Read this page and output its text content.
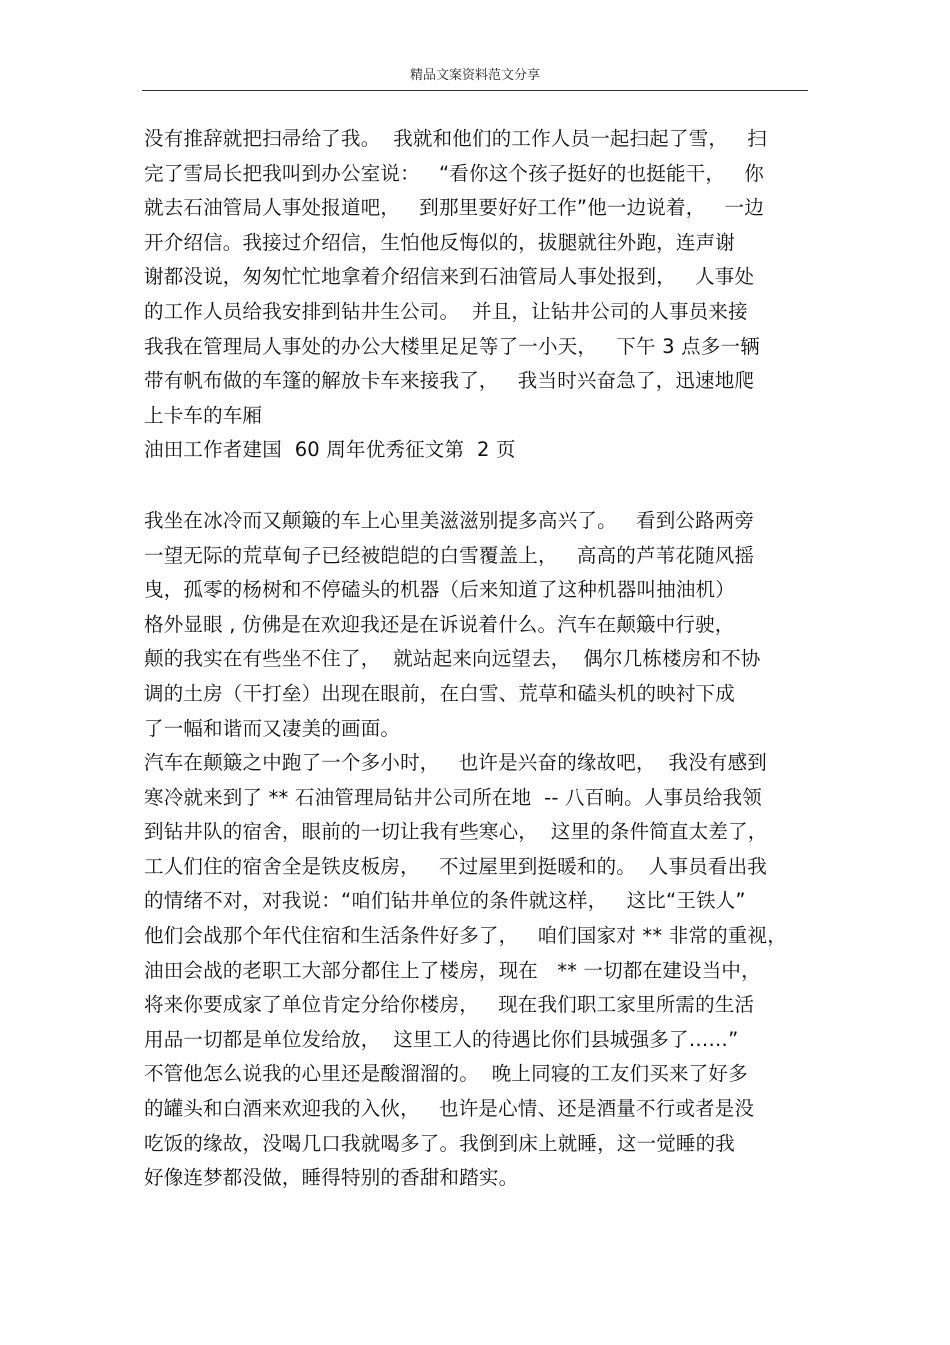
精品文案资料范文分享
没有推辞就把扫帚给了我。  我就和他们的工作人员一起扫起了雪，   扫
完了雪局长把我叫到办公室说：   “看你这个孩子挺好的也挺能干，   你
就去石油管局人事处报道吧，   到那里要好好工作”他一边说着，   一边
开介绍信。我接过介绍信，生怕他反悔似的，拔腿就往外跑，连声谢
谢都没说，匆匆忙忙地拿着介绍信来到石油管局人事处报到，   人事处
的工作人员给我安排到钻井生公司。  并且，让钻井公司的人事员来接
我我在管理局人事处的办公大楼里足足等了一小天，   下午 3 点多一辆
带有帆布做的车篷的解放卡车来接我了，   我当时兴奋急了，迅速地爬
上卡车的车厢
油田工作者建国  60 周年优秀征文第  2 页
我坐在冰冷而又颠簸的车上心里美滋滋别提多高兴了。   看到公路两旁
一望无际的荒草甸子已经被皑皑的白雪覆盖上，   高高的芦苇花随风摇
曳，孤零的杨树和不停磕头的机器（后来知道了这种机器叫抽油机）
格外显眼 , 仿佛是在欢迎我还是在诉说着什么。汽车在颠簸中行驶，
颠的我实在有些坐不住了，  就站起来向远望去，  偶尔几栋楼房和不协
调的土房（干打垒）出现在眼前，在白雪、荒草和磕头机的映衬下成
了一幅和谐而又凄美的画面。
汽车在颠簸之中跑了一个多小时，   也许是兴奋的缘故吧，  我没有感到
寒冷就来到了 ** 石油管理局钻井公司所在地  -- 八百晌。人事员给我领
到钻井队的宿舍，眼前的一切让我有些寒心，  这里的条件简直太差了，
工人们住的宿舍全是铁皮板房，   不过屋里到挺暖和的。  人事员看出我
的情绪不对，对我说：“咱们钻井单位的条件就这样，   这比“王铁人”
他们会战那个年代住宿和生活条件好多了，   咱们国家对 ** 非常的重视，
油田会战的老职工大部分都住上了楼房，现在   ** 一切都在建设当中，
将来你要成家了单位肯定分给你楼房，   现在我们职工家里所需的生活
用品一切都是单位发给放，  这里工人的待遇比你们县城强多了……”
不管他怎么说我的心里还是酸溜溜的。  晚上同寝的工友们买来了好多
的罐头和白酒来欢迎我的入伙，   也许是心情、还是酒量不行或者是没
吃饭的缘故，没喝几口我就喝多了。我倒到床上就睡，这一觉睡的我
好像连梦都没做，睡得特别的香甜和踏实。
